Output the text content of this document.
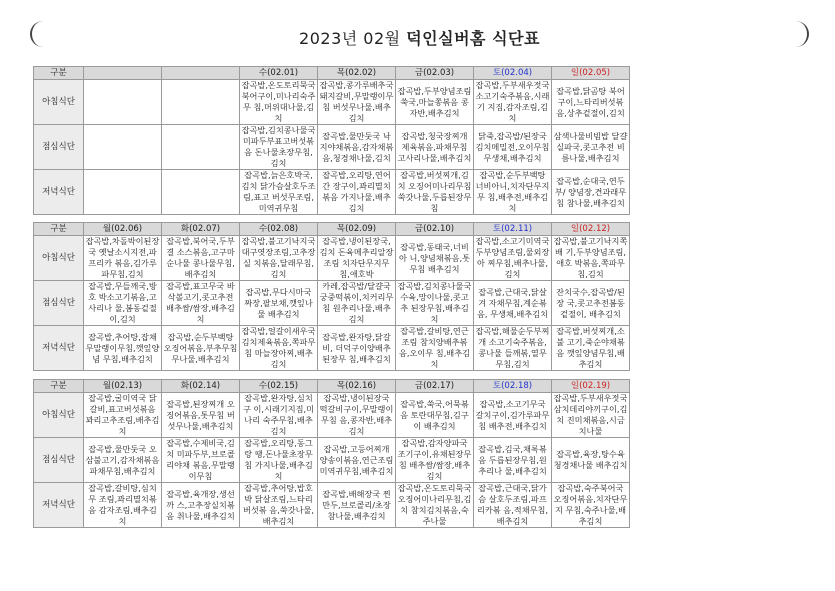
2023년 02월 덕인실버홈 식단표
구분			수(02.01)	목(02.02)	금(02.03)	토(02.04)	일(02.05)
아침식단			잡곡밥,온도토리묵국 북어구이,미나리숙주무 침,머위대나물,김치	잡곡밥,콩가루배추국 돼지갈비,무말랭이무침 버섯무나물,배추김치	잡곡밥,두부양념조림 쑥국,마늘쫑볶음 콩자반,배추김치	잡곡밥,두부새우젓국 소고기숙주볶음,시래기 지짐,감자조림,김치	잡곡밥,닭곰탕 북어구이,느타리버섯볶 음,상추겉절이,김치
점심식단			잡곡밥,김치콩나물국 미파두부표고버섯볶음 돈나물초장무침,김치	잡곡밥,물만둣국 낙지야채볶음,감자채볶 음,청경채나물,김치	잡곡밥,청국장찌개 제육볶음,파채무침 고사리나물,배추김치	닭죽,잡곡밥/된장국 김치메밀전,오이무침 무생채,배추김치	삼색나물비빔밥 달걀실파국,콧고추전 비름나물,배추김치
저녁식단			잡곡밥,늙은호박국,김치 닭가슴살호두조림,표고 버섯무조림,미역귀무침	잡곡밥,오리탕,연어간 장구이,꽈리멸치볶음 가지나물,배추김치	잡곡밥,버섯찌개,김치 오징어미나리무침 쑥갓나물,두릅된장무침	잡곡밥,순두부백탕 너비아니,치자단무지무 침,배추전,배추김치	잡곡밥,순대국,연두부/ 양념장,견과래무침 참나물,배추김치
구분	월(02.06)	화(02.07)	수(02.08)	목(02.09)	금(02.10)	토(02.11)	일(02.12)
아침식단	잡곡밥,차돌박이된장국 옛날소시지전,파프리카 볶음,김가루파무침,김치	잡곡밥,북어국,두부결 소스볶음,고구마순나물 콩나물무침,배추김치	잡곡밥,불고기낙지국 대구엿장조림,고추장실 치볶음,달래무침,김치	잡곡밥,냉이된장국,김치 돈육메추리알장조림 치자단무지무침,애호박	잡곡밥,동태국,너비아 니,양념채볶음,톳무침 배추김치	잡곡밥,소고기미역국 두부양념조림,물외장아 찌무침,배추나물,김치	잡곡밥,불고기낙지쪽배 기,두부양념조림,애호 박볶음,쪽파무침,김치
점심식단	잡곡밥,무들깨국,방호 박소고기볶음,고사리나 물,봄동겉절이,김치	잡곡밥,표고무국 바삭볼고기,콧고추전 배추쌈/쌈장,배추김치	잡곡밥,무다시마국 짜장,팔보채,깻잎나물 배추김치	카레,잡곡밥/달걀국 궁중떡볶이,치커리무침 원추리나물,배추김치	잡곡밥,김치콩나물국 수육,망이나물,콧고추 된장무침,배추김치	잡곡밥,근대국,닭살겨 자채무침,계순볶음, 무생채,배추김치	잔치국수,잡곡밥/된장 국,콧고추전봄동겉절이, 배추김치
저녁식단	잡곡밥,추어탕,잡채 무말랭이무침,깻잎양념 무침,배추김치	잡곡밥,순두부백탕 오징어볶음,부추무침 무나물,배추김치	잡곡밥,얼갈이새우국 김치제육볶음,쪽파무침 마늘장아찌,배추김치	잡곡밥,완자탕,닭갈비, 더덕구이양배추된장무 침,배추김치	잡곡밥,갈비탕,연근조림 참치양배추볶음,오이무 침,배추김치	잡곡밥,해물순두부찌개 소고기숙주볶음,콩나물 들깨볶,열무무침,김치	잡곡밥,버섯찌개,소불 고기,죽순야채볶음 깻잎양념무침,배추김치
구분	월(02.13)	화(02.14)	수(02.15)	목(02.16)	금(02.17)	토(02.18)	일(02.19)
아침식단	잡곡밥,굴미역국 닭갈비,표고버섯볶음 꽈리고추조림,배추김치	잡곡밥,된장찌개 오징어볶음,톳무침 버섯무나물,배추김치	잡곡밥,완자탕,심치구 이,시래기지짐,미나리 숙주무침,배추김치	잡곡밥,냉이된장국 떡갈비구이,무말랭이무침 음,콩자반,배추김치	잡곡밥,쑥국,어묵볶음 토란대무침,김구이 배추김치	잡곡밥,소고기무국 갈치구이,김가루파무침 배추전,배추김치	잡곡밥,두부새우젓국 삼치데리야끼구이,김치 진미채볶음,시금치나물
점심식단	잡곡밥,물만둣국 오삼불고기,감자채볶음 파채무침,배추김치	잡곡밥,수제비국,김치 미파두부,브로콜리야채 볶음,무말랭이무침	잡곡밥,오리탕,동그랑 땡,돈나물초장무침 가지나물,배추김치	잡곡밥,고등어찌개 양송이볶음,연근조림 미역귀무침,배추김치	잡곡밥,감자양파국 조기구이,유채된장무침 배추쌈/쌈장,배추김치	잡곡밥,김국,채록볶음 두릅된장무침,원추리나 물,배추김치	잡곡밥,육장,탕수육 청경채나물 배추김치
저녁식단	잡곡밥,갈비탕,심치무 조림,꽈리멸치볶음 감자조림,배추김치	잡곡밥,육개장,생선까 스,고추장실치볶음 취나물,배추김치	잡곡밥,추어탕,밥호박 닭살조림,느타리버섯볶 음,쑥갓나물,배추김치	잡곡밥,배해장국 찐만두,브로콜리/초장 참나물,배추김치	잡곡밥,온도토리묵국 오징어미나리무침,김치 참치김치볶음,숙주나물	잡곡밥,근대국,닭가슴 살호두조림,파프리카볶 음,적채무침,배추김치	잡곡밥,숙주북어국 오징어볶음,치자단무지 무침,숙주나물,배추김치
